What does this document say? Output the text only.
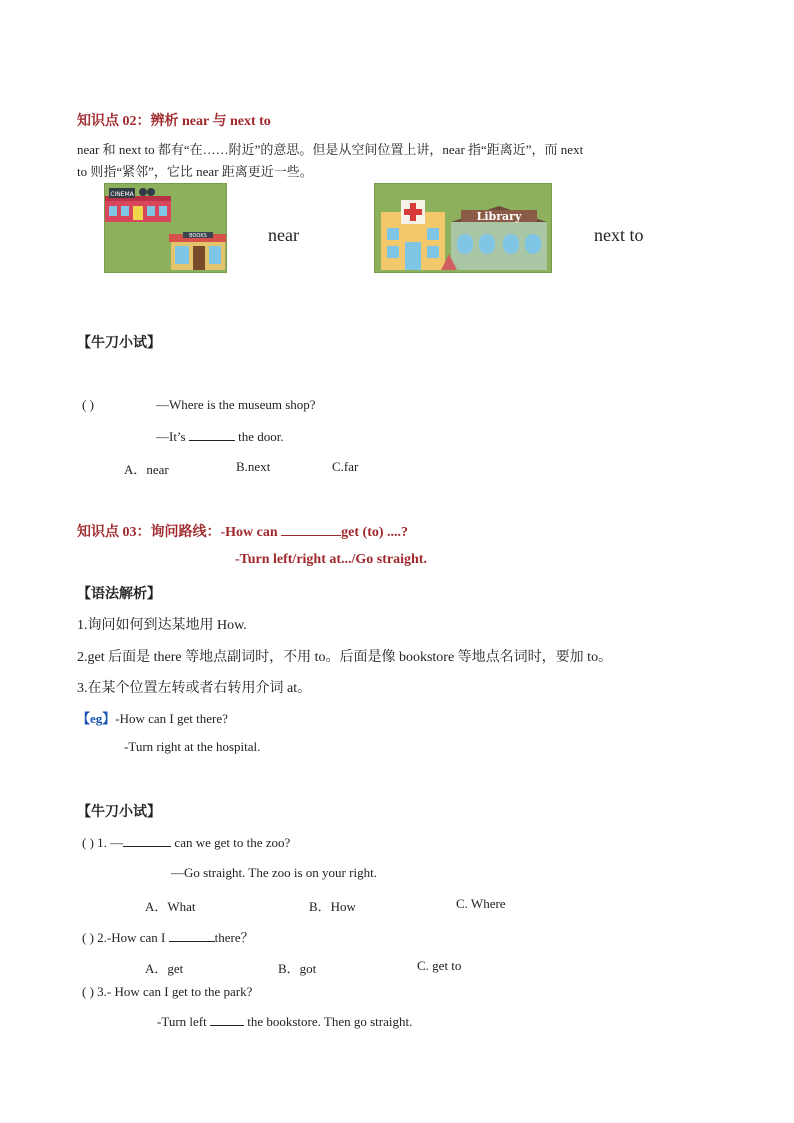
知识点 02：辨析 near 与 next to
near 和 next to 都有“在……附近”的意思。但是从空间位置上讲，near 指“距离近”，而 next
to 则指“紧邻”，它比 near 距离更近一些。
CINEMA
BOOKS	near
Library
next to
【牛刀小试】
( )	—Where is the museum shop?
—It’s	the door.
A．near	B.next	C.far
知识点 03：询问路线：-How can	get (to) ....?
-Turn left/right at.../Go straight.
【语法解析】
1.询问如何到达某地用 How.
2.get 后面是 there 等地点副词时，不用 to。后面是像 bookstore 等地点名词时，要加 to。
3.在某个位置左转或者右转用介词 at。
【eg】-How can I get there?
-Turn right at the hospital.
【牛刀小试】
( ) 1. —	can we get to the zoo?
—Go straight. The zoo is on your right.
A．What	B．How	C. Where
( ) 2.-How can I	there？
A．get	B．got	C. get to
( ) 3.- How can I get to the park?
-Turn left	the bookstore. Then go straight.
